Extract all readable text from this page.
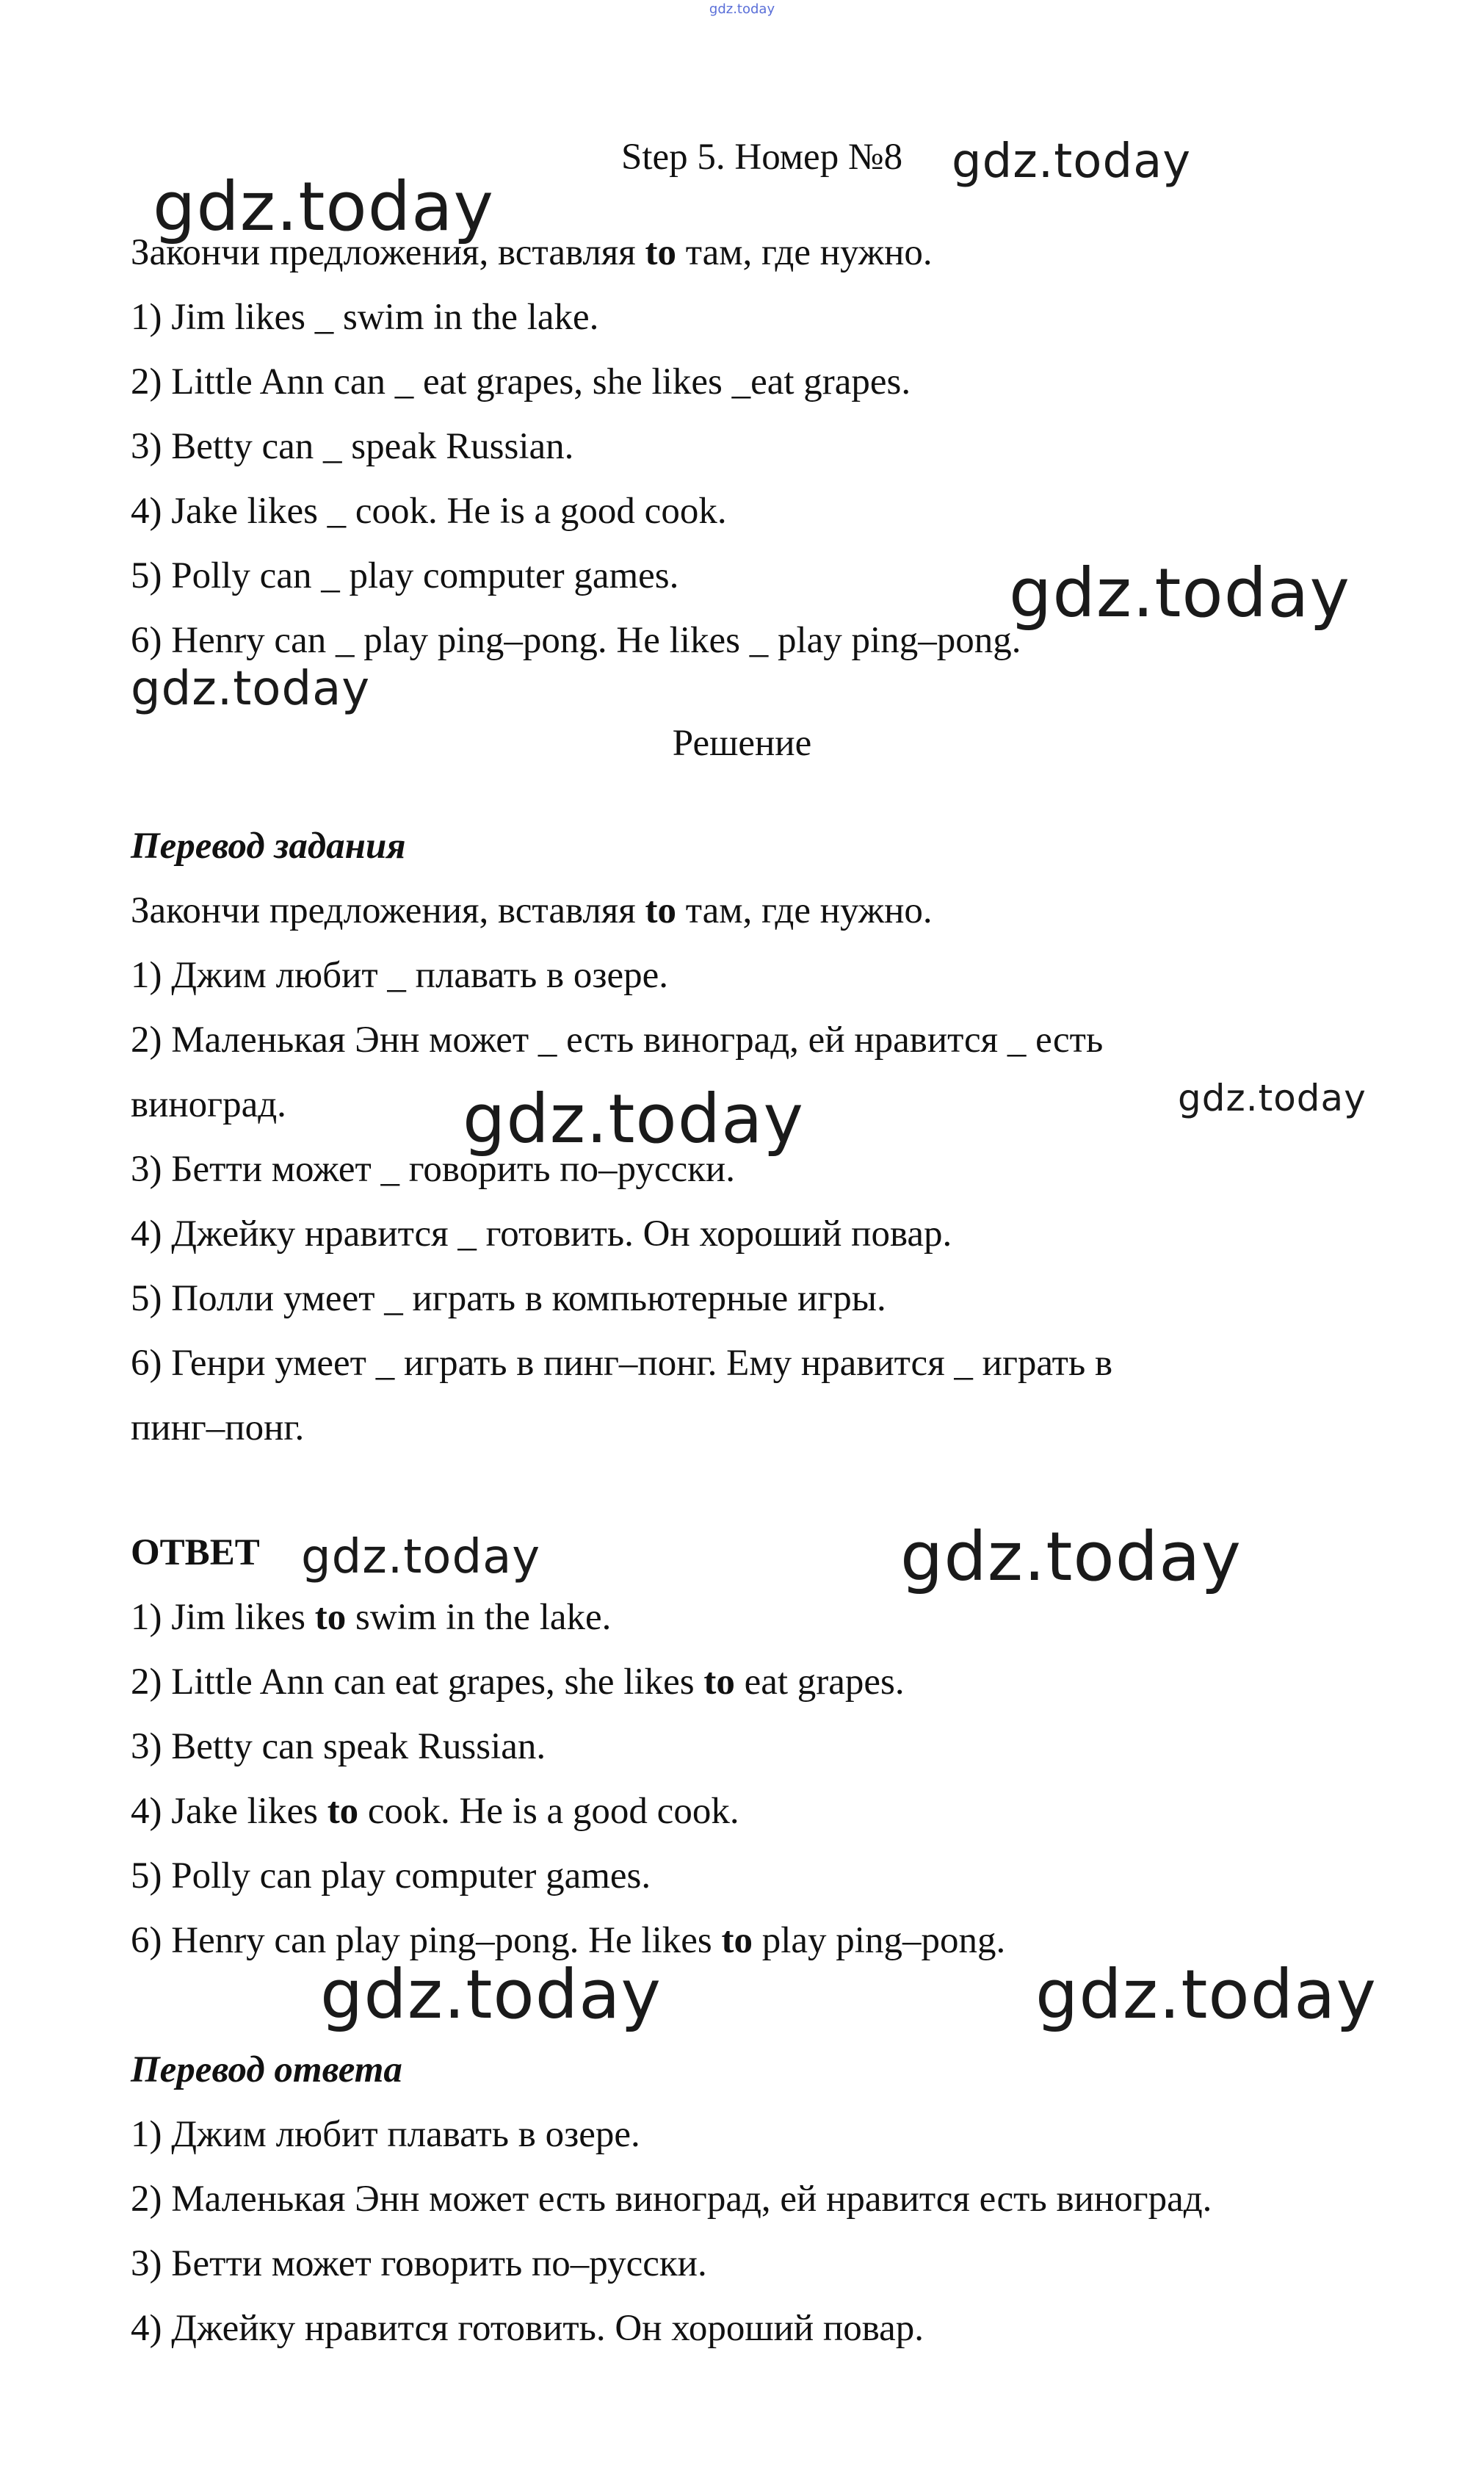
gdz.today
Step 5. Номер №8

Закончи предложения, вставляя to там, где нужно.

1) Jim likes _ swim in the lake.

2) Little Ann can _ eat grapes, she likes _eat grapes.

3) Betty can _ speak Russian.

4) Jake likes _ cook. He is a good cook.

5) Polly can _ play computer games.

6) Henry can _ play ping–pong. He likes _ play ping–pong.

Решение

Перевод задания

Закончи предложения, вставляя to там, где нужно.

1) Джим любит _ плавать в озере.

2) Маленькая Энн может _ есть виноград, ей нравится _ есть

виноград.

3) Бетти может _ говорить по–русски.

4) Джейку нравится _ готовить. Он хороший повар.

5) Полли умеет _ играть в компьютерные игры.

6) Генри умеет _ играть в пинг–понг. Ему нравится _ играть в

пинг–понг.

ОТВЕТ

1) Jim likes to swim in the lake.

2) Little Ann can eat grapes, she likes to eat grapes.

3) Betty can speak Russian.

4) Jake likes to cook. He is a good cook.

5) Polly can play computer games.

6) Henry can play ping–pong. He likes to play ping–pong.

Перевод ответа

1) Джим любит плавать в озере.

2) Маленькая Энн может есть виноград, ей нравится есть виноград.

3) Бетти может говорить по–русски.

4) Джейку нравится готовить. Он хороший повар.

gdz.today
gdz.today
gdz.today
gdz.today
gdz.today
gdz.today
gdz.today	gdz.today
gdz.today	gdz.today
